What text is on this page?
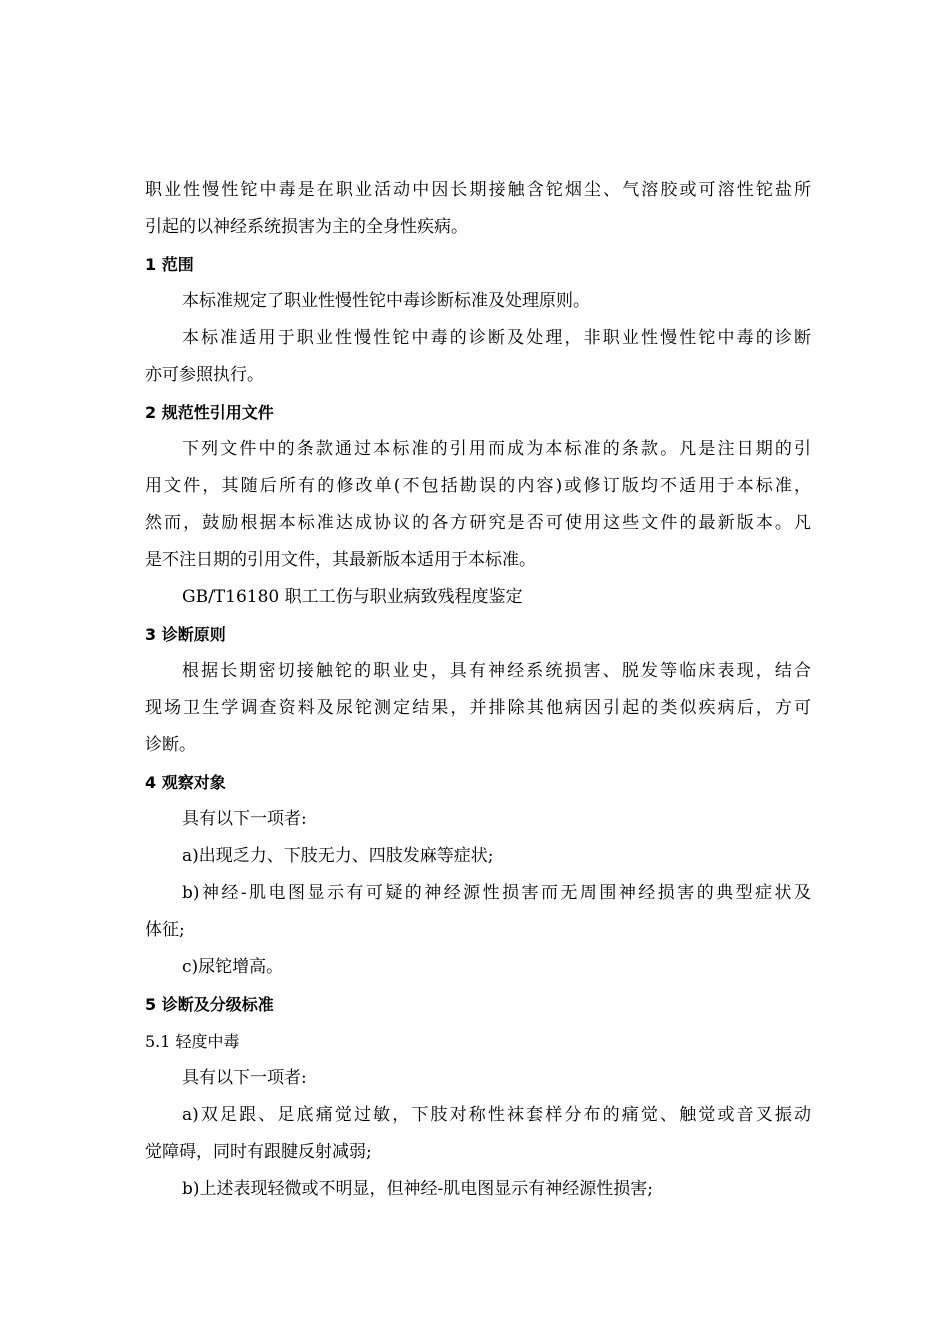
职业性慢性铊中毒是在职业活动中因长期接触含铊烟尘、气溶胶或可溶性铊盐所
引起的以神经系统损害为主的全身性疾病。
1 范围
本标准规定了职业性慢性铊中毒诊断标准及处理原则。
本标准适用于职业性慢性铊中毒的诊断及处理，非职业性慢性铊中毒的诊断
亦可参照执行。
2 规范性引用文件
下列文件中的条款通过本标准的引用而成为本标准的条款。凡是注日期的引
用文件，其随后所有的修改单(不包括勘误的内容)或修订版均不适用于本标准，
然而，鼓励根据本标准达成协议的各方研究是否可使用这些文件的最新版本。凡
是不注日期的引用文件，其最新版本适用于本标准。
GB/T16180 职工工伤与职业病致残程度鉴定
3 诊断原则
根据长期密切接触铊的职业史，具有神经系统损害、脱发等临床表现，结合
现场卫生学调查资料及尿铊测定结果，并排除其他病因引起的类似疾病后，方可
诊断。
4 观察对象
具有以下一项者:
a)出现乏力、下肢无力、四肢发麻等症状;
b)神经-肌电图显示有可疑的神经源性损害而无周围神经损害的典型症状及
体征;
c)尿铊增高。
5 诊断及分级标准
5.1 轻度中毒
具有以下一项者:
a)双足跟、足底痛觉过敏，下肢对称性袜套样分布的痛觉、触觉或音叉振动
觉障碍，同时有跟腱反射减弱;
b)上述表现轻微或不明显，但神经-肌电图显示有神经源性损害;
